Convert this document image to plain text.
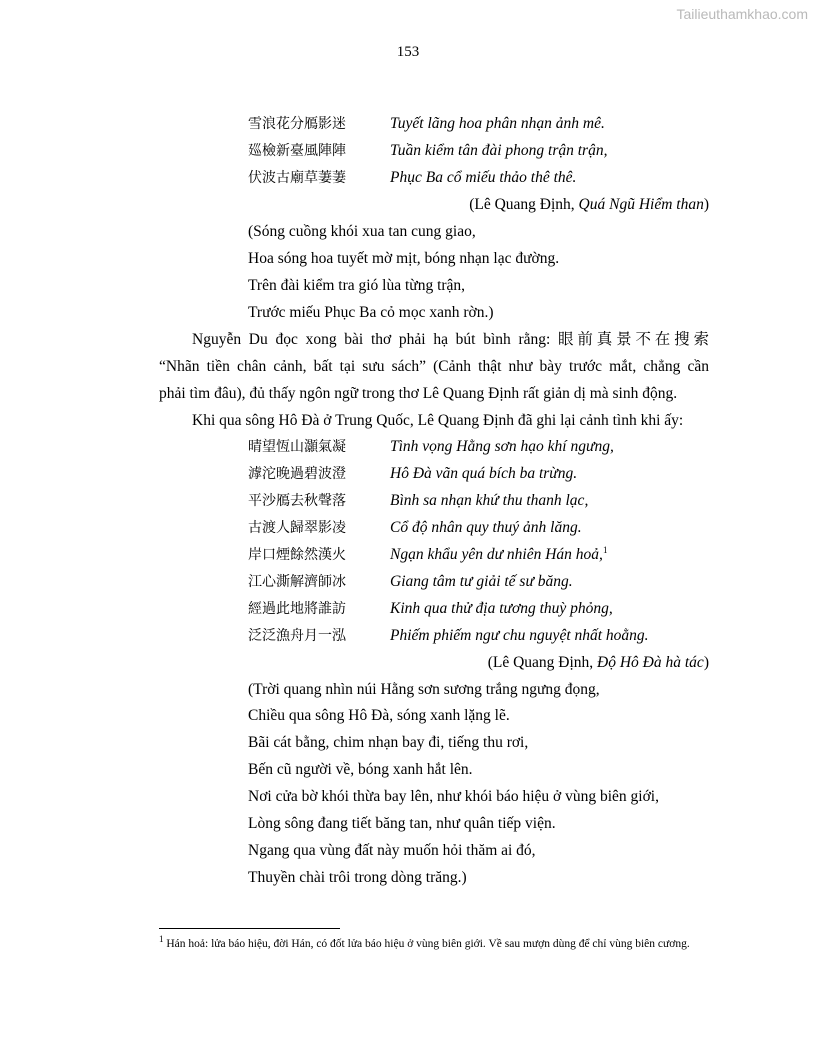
Tailieuthamkhao.com
153
雪浪花分鴈影迷	Tuyết lãng hoa phân nhạn ảnh mê.
廵檢新臺風陣陣	Tuần kiểm tân đài phong trận trận,
伏波古廟草萋萋	Phục Ba cổ miếu thảo thê thê.
(Lê Quang Định, Quá Ngũ Hiểm than)
(Sóng cuồng khói xua tan cung giao,
Hoa sóng hoa tuyết mờ mịt, bóng nhạn lạc đường.
Trên đài kiểm tra gió lùa từng trận,
Trước miếu Phục Ba cỏ mọc xanh rờn.)
Nguyễn Du đọc xong bài thơ phải hạ bút bình rằng: 眼前真景不在搜索
“Nhãn tiền chân cảnh, bất tại sưu sách” (Cảnh thật như bày trước mắt, chẳng cần
phải tìm đâu), đủ thấy ngôn ngữ trong thơ Lê Quang Định rất giản dị mà sinh động.
Khi qua sông Hô Đà ở Trung Quốc, Lê Quang Định đã ghi lại cảnh tình khi ấy:
晴望恆山灝氣凝	Tình vọng Hằng sơn hạo khí ngưng,
滹沱晚過碧波澄	Hô Đà vãn quá bích ba trừng.
平沙鴈去秋聲落	Bình sa nhạn khứ thu thanh lạc,
古渡人歸翠影凌	Cổ độ nhân quy thuý ảnh lăng.
岸口煙餘然漢火	Ngạn khẩu yên dư nhiên Hán hoả,$^1$
江心澌解濟師冰	Giang tâm tư giải tế sư băng.
經過此地將誰訪	Kinh qua thử địa tương thuỳ phỏng,
泛泛漁舟月一泓	Phiếm phiếm ngư chu nguyệt nhất hoằng.
(Lê Quang Định, Độ Hô Đà hà tác)
(Trời quang nhìn núi Hằng sơn sương trắng ngưng đọng,
Chiều qua sông Hô Đà, sóng xanh lặng lẽ.
Bãi cát bằng, chim nhạn bay đi, tiếng thu rơi,
Bến cũ người về, bóng xanh hắt lên.
Nơi cửa bờ khói thừa bay lên, như khói báo hiệu ở vùng biên giới,
Lòng sông đang tiết băng tan, như quân tiếp viện.
Ngang qua vùng đất này muốn hỏi thăm ai đó,
Thuyền chài trôi trong dòng trăng.)
$^1$ Hán hoả: lửa báo hiệu, đời Hán, có đốt lửa báo hiệu ở vùng biên giới. Về sau mượn dùng để chỉ vùng biên cương.
